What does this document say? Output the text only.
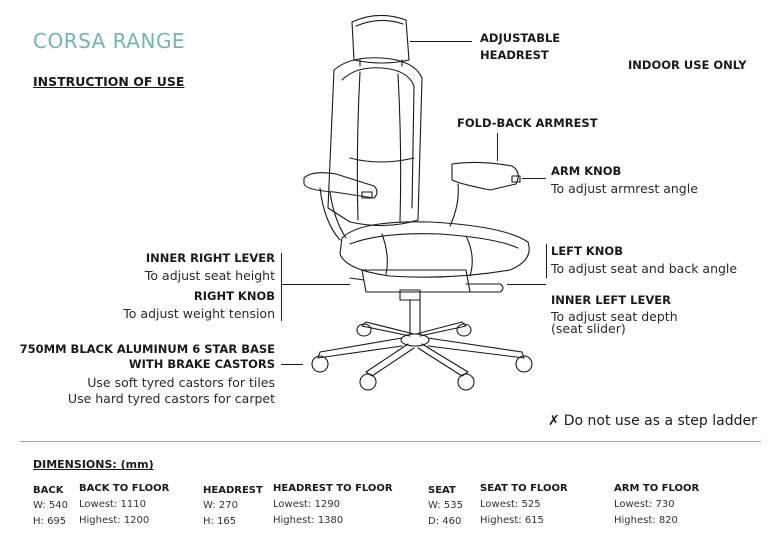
CORSA RANGE
INSTRUCTION OF USE
INDOOR USE ONLY
ADJUSTABLE
HEADREST
FOLD-BACK ARMREST
ARM KNOB
To adjust armrest angle
LEFT KNOB
To adjust seat and back angle
INNER LEFT LEVER
To adjust seat depth
(seat slider)
INNER RIGHT LEVER
To adjust seat height
RIGHT KNOB
To adjust weight tension
750MM BLACK ALUMINUM 6 STAR BASE
WITH BRAKE CASTORS
Use soft tyred castors for tiles
Use hard tyred castors for carpet
✗ Do not use as a step ladder
DIMENSIONS: (mm)
BACK
W: 540
H: 695
BACK TO FLOOR
Lowest: 1110
Highest: 1200
HEADREST
W: 270
H: 165
HEADREST TO FLOOR
Lowest: 1290
Highest: 1380
SEAT
W: 535
D: 460
SEAT TO FLOOR
Lowest: 525
Highest: 615
ARM TO FLOOR
Lowest: 730
Highest: 820
